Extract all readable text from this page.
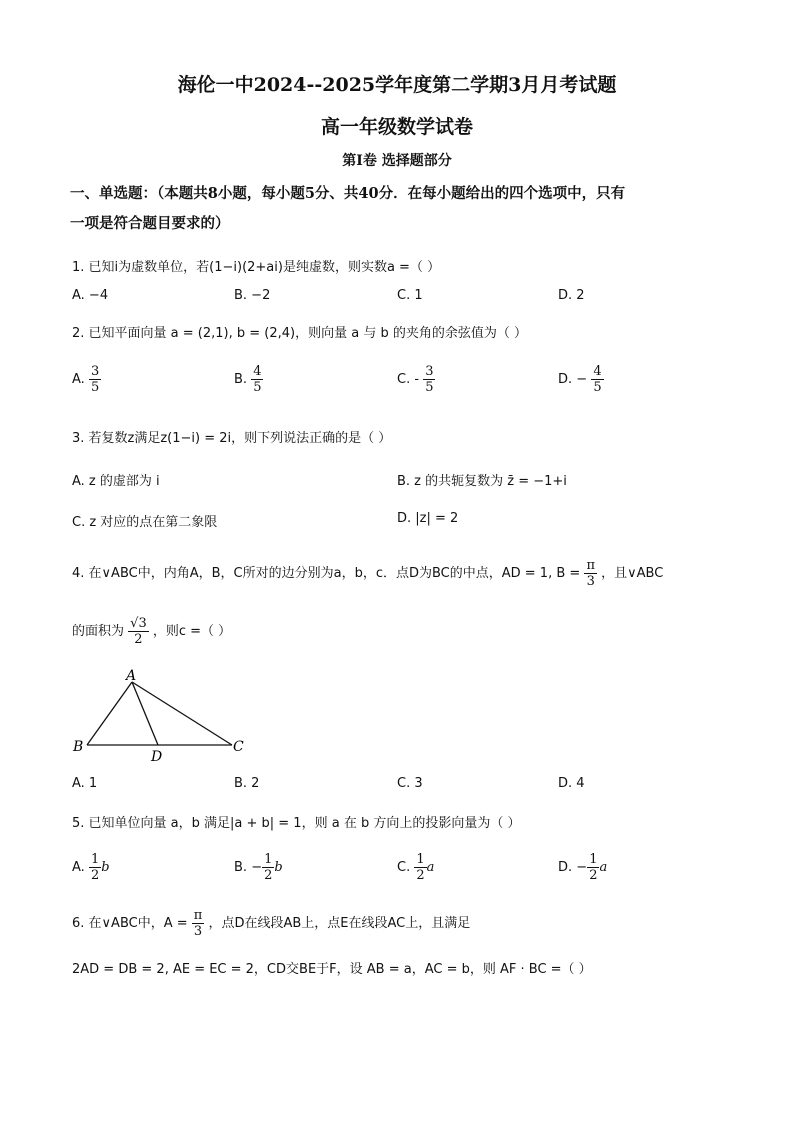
海伦一中2024--2025学年度第二学期3月月考试题
高一年级数学试卷
第Ⅰ卷 选择题部分
一、单选题：（本题共8小题，每小题5分、共40分．在每小题给出的四个选项中，只有
一项是符合题目要求的）
1. 已知i为虚数单位，若(1−i)(2+ai)是纯虚数，则实数a =（ ）
A. −4	B. −2	C. 1	D. 2
2. 已知平面向量 a = (2,1), b = (2,4)，则向量 a 与 b 的夹角的余弦值为（ ）
A. $\frac{3}{5}$	B. $\frac{4}{5}$	C. - $\frac{3}{5}$	D. − $\frac{4}{5}$
3. 若复数z满足z(1−i) = 2i，则下列说法正确的是（ ）
A. z 的虚部为 i	B. z 的共轭复数为 z̄ = −1+i
C. z 对应的点在第二象限	D. |z| = 2
4. 在∨ABC中，内角A，B，C所对的边分别为a，b，c．点D为BC的中点，AD = 1, $B = \frac{\pi}{3}$ ，且∨ABC
的面积为 $\frac{√3}{2}$ ，则c =（ ）
A
B	C
D
A. 1	B. 2	C. 3	D. 4
5. 已知单位向量 a，b 满足|a + b| = 1，则 a 在 b 方向上的投影向量为（ ）
A. $\frac{1}{2}$ b	B. − $\frac{1}{2}$ b	C. $\frac{1}{2}$ a	D. − $\frac{1}{2}$ a
6. 在∨ABC中，$A = \frac{\pi}{3}$ ，点D在线段AB上，点E在线段AC上，且满足
2AD = DB = 2, AE = EC = 2，CD交BE于F，设 AB = a，AC = b，则 AF · BC =（ ）
